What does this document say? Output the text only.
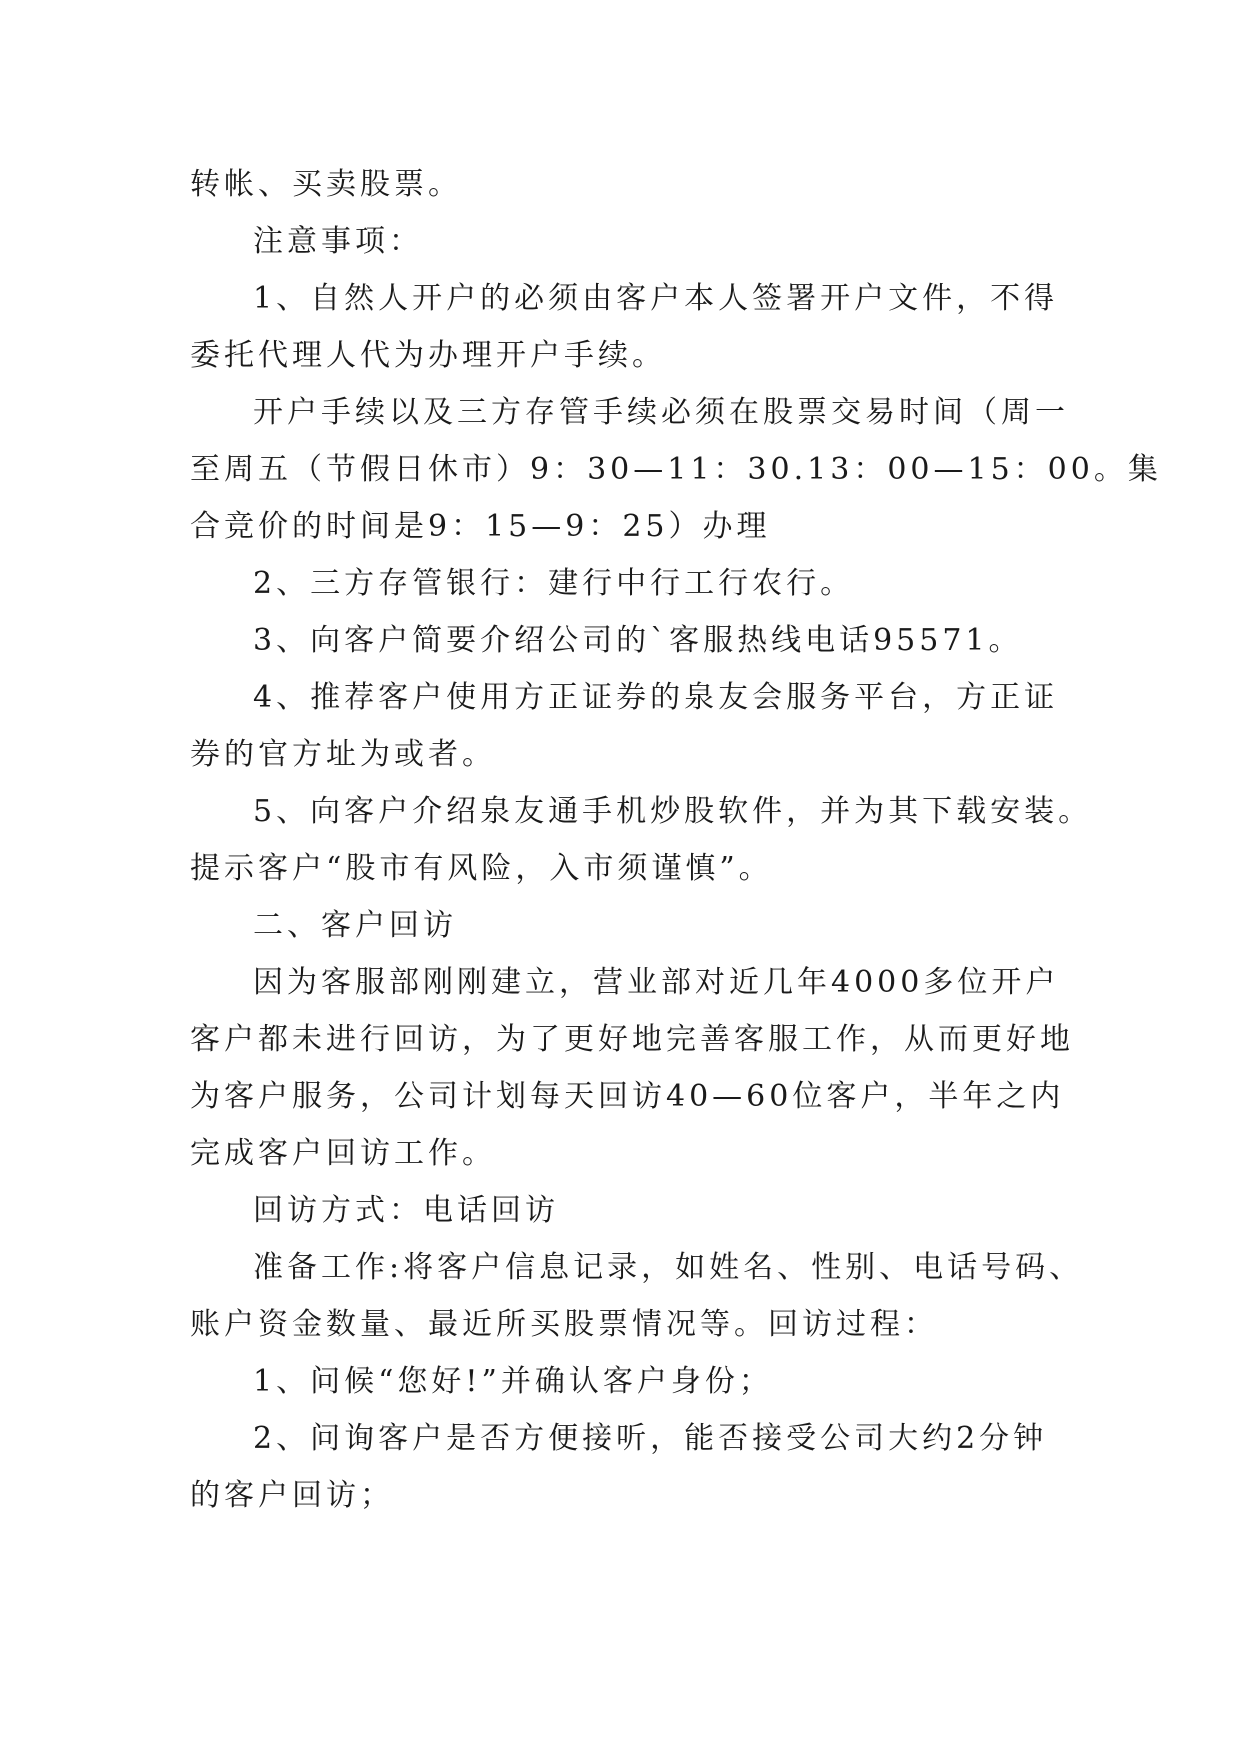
转帐、买卖股票。
注意事项：
1、自然人开户的必须由客户本人签署开户文件，不得
委托代理人代为办理开户手续。
开户手续以及三方存管手续必须在股票交易时间（周一
至周五（节假日休市）9：30—11：30.13：00—15：00。集
合竞价的时间是9：15—9：25）办理
2、三方存管银行：建行中行工行农行。
3、向客户简要介绍公司的`客服热线电话95571。
4、推荐客户使用方正证券的泉友会服务平台，方正证
券的官方址为或者。
5、向客户介绍泉友通手机炒股软件，并为其下载安装。
提示客户“股市有风险，入市须谨慎”。
二、客户回访
因为客服部刚刚建立，营业部对近几年4000多位开户
客户都未进行回访，为了更好地完善客服工作，从而更好地
为客户服务，公司计划每天回访40—60位客户，半年之内
完成客户回访工作。
回访方式：电话回访
准备工作:将客户信息记录，如姓名、性别、电话号码、
账户资金数量、最近所买股票情况等。回访过程：
1、问候“您好!”并确认客户身份；
2、问询客户是否方便接听，能否接受公司大约2分钟
的客户回访；
